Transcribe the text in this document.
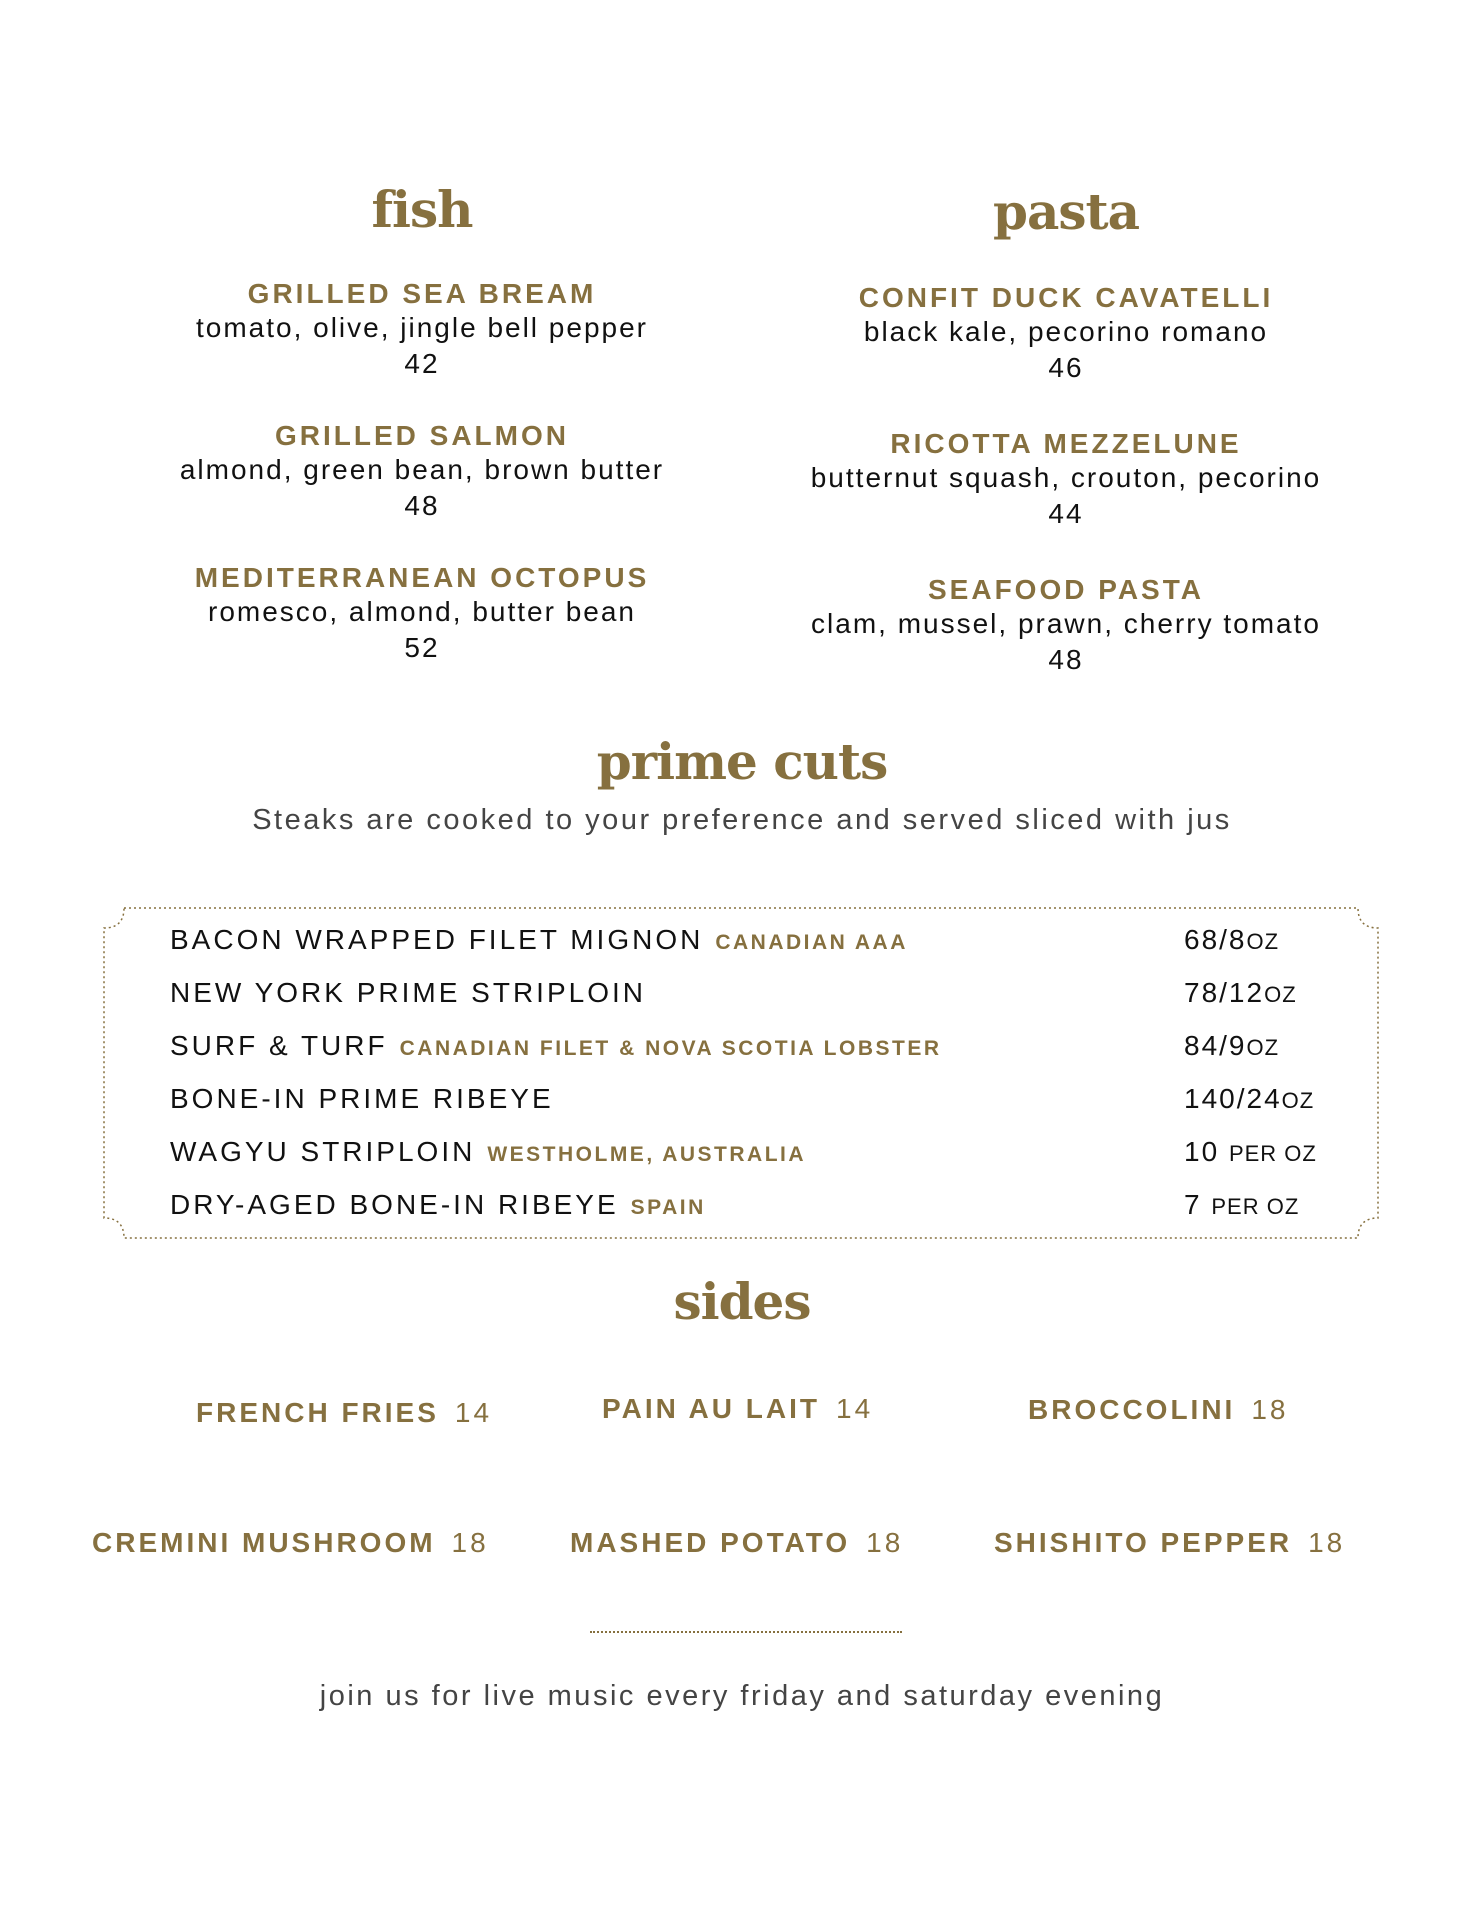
fish
GRILLED SEA BREAM
tomato, olive, jingle bell pepper
42
GRILLED SALMON
almond, green bean, brown butter
48
MEDITERRANEAN OCTOPUS
romesco, almond, butter bean
52
pasta
CONFIT DUCK CAVATELLI
black kale, pecorino romano
46
RICOTTA MEZZELUNE
butternut squash, crouton, pecorino
44
SEAFOOD PASTA
clam, mussel, prawn, cherry tomato
48
prime cuts
Steaks are cooked to your preference and served sliced with jus
BACON WRAPPED FILET MIGNON CANADIAN AAA	68/8OZ
NEW YORK PRIME STRIPLOIN	78/12OZ
SURF & TURF CANADIAN FILET & NOVA SCOTIA LOBSTER	84/9OZ
BONE-IN PRIME RIBEYE	140/24OZ
WAGYU STRIPLOIN WESTHOLME, AUSTRALIA	10 PER OZ
DRY-AGED BONE-IN RIBEYE SPAIN	7 PER OZ
sides
FRENCH FRIES 14	PAIN AU LAIT 14	BROCCOLINI 18
CREMINI MUSHROOM 18	MASHED POTATO 18	SHISHITO PEPPER 18
join us for live music every friday and saturday evening
